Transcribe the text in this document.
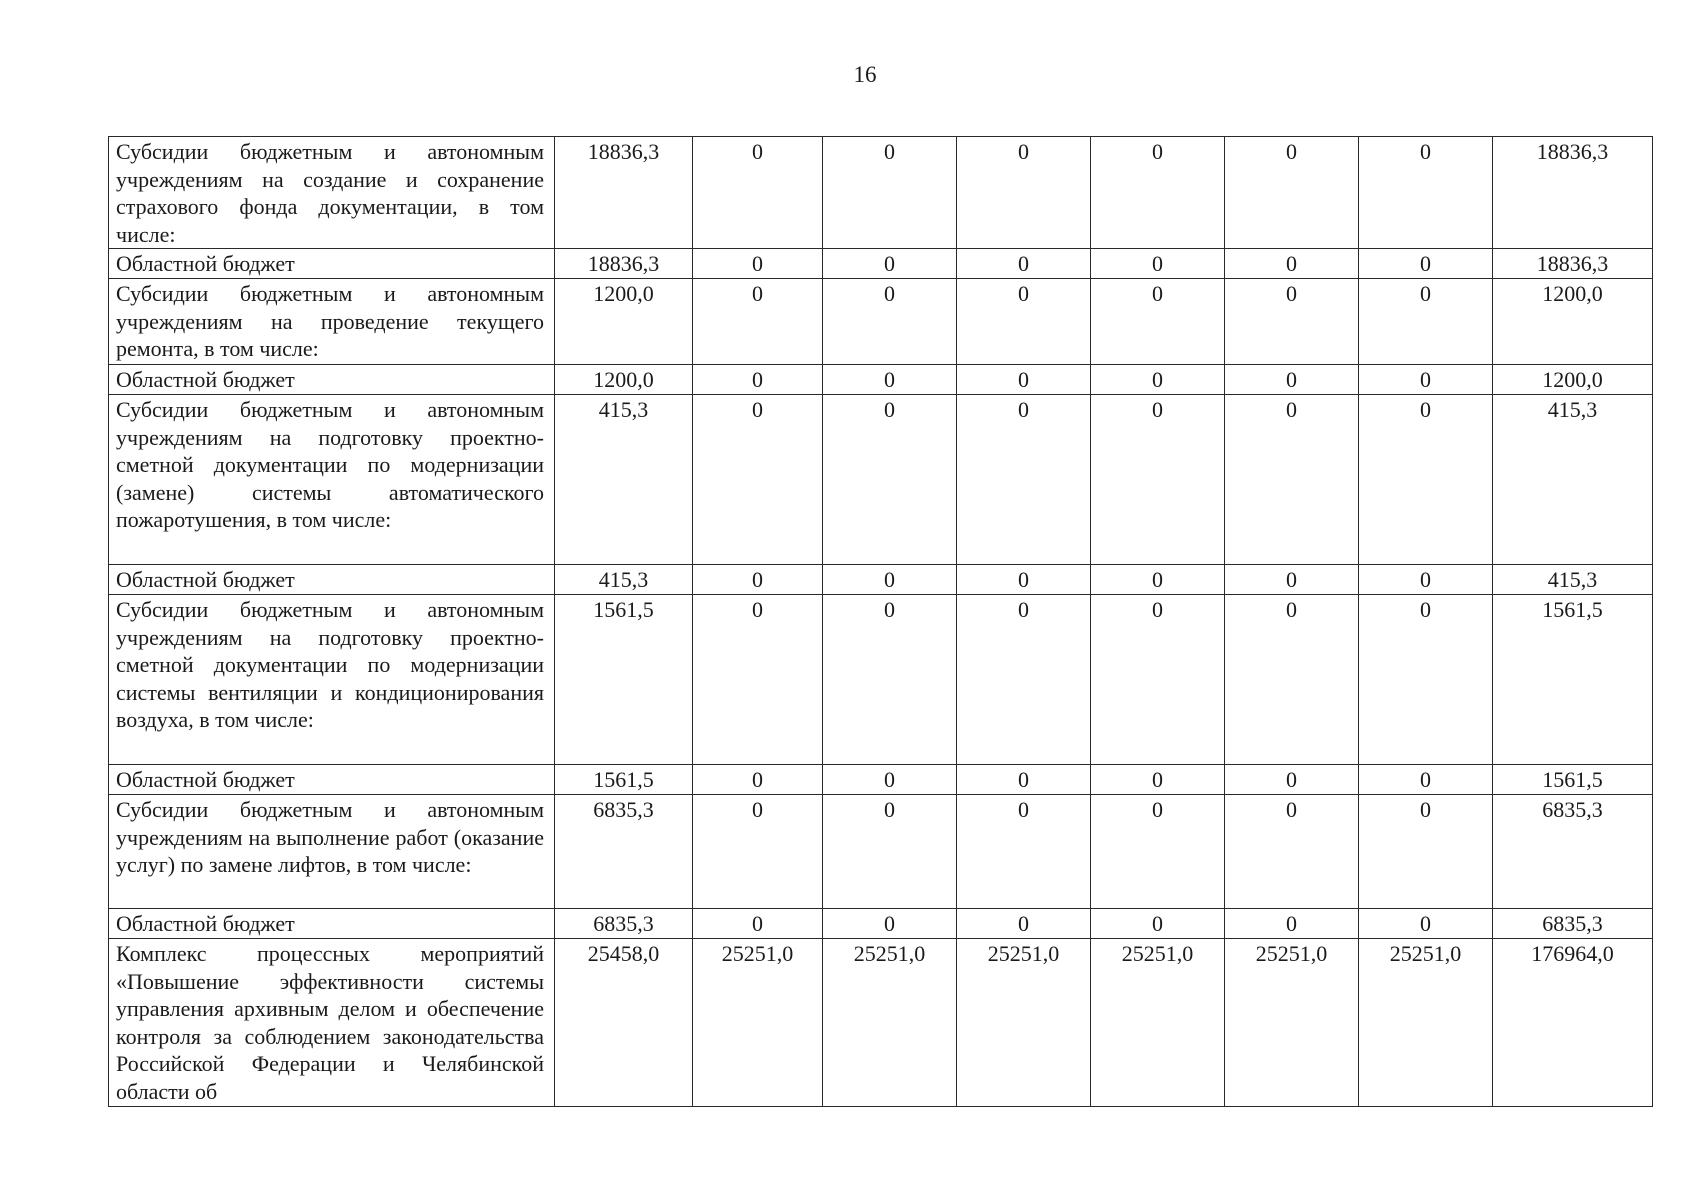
16
Субсидии бюджетным и автономным учреждениям на создание и сохранение страхового фонда документации, в том числе:	18836,3	0	0	0	0	0	0	18836,3
Областной бюджет	18836,3	0	0	0	0	0	0	18836,3
Субсидии бюджетным и автономным учреждениям на проведение текущего ремонта, в том числе:	1200,0	0	0	0	0	0	0	1200,0
Областной бюджет	1200,0	0	0	0	0	0	0	1200,0
Субсидии бюджетным и автономным учреждениям на подготовку проектно-сметной документации по модернизации (замене) системы автоматического пожаротушения, в том числе:	415,3	0	0	0	0	0	0	415,3
Областной бюджет	415,3	0	0	0	0	0	0	415,3
Субсидии бюджетным и автономным учреждениям на подготовку проектно-сметной документации по модернизации системы вентиляции и кондиционирования воздуха, в том числе:	1561,5	0	0	0	0	0	0	1561,5
Областной бюджет	1561,5	0	0	0	0	0	0	1561,5
Субсидии бюджетным и автономным учреждениям на выполнение работ (оказание услуг) по замене лифтов, в том числе:	6835,3	0	0	0	0	0	0	6835,3
Областной бюджет	6835,3	0	0	0	0	0	0	6835,3
Комплекс процессных мероприятий «Повышение эффективности системы управления архивным делом и обеспечение контроля за соблюдением законодательства Российской Федерации и Челябинской области об	25458,0	25251,0	25251,0	25251,0	25251,0	25251,0	25251,0	176964,0
